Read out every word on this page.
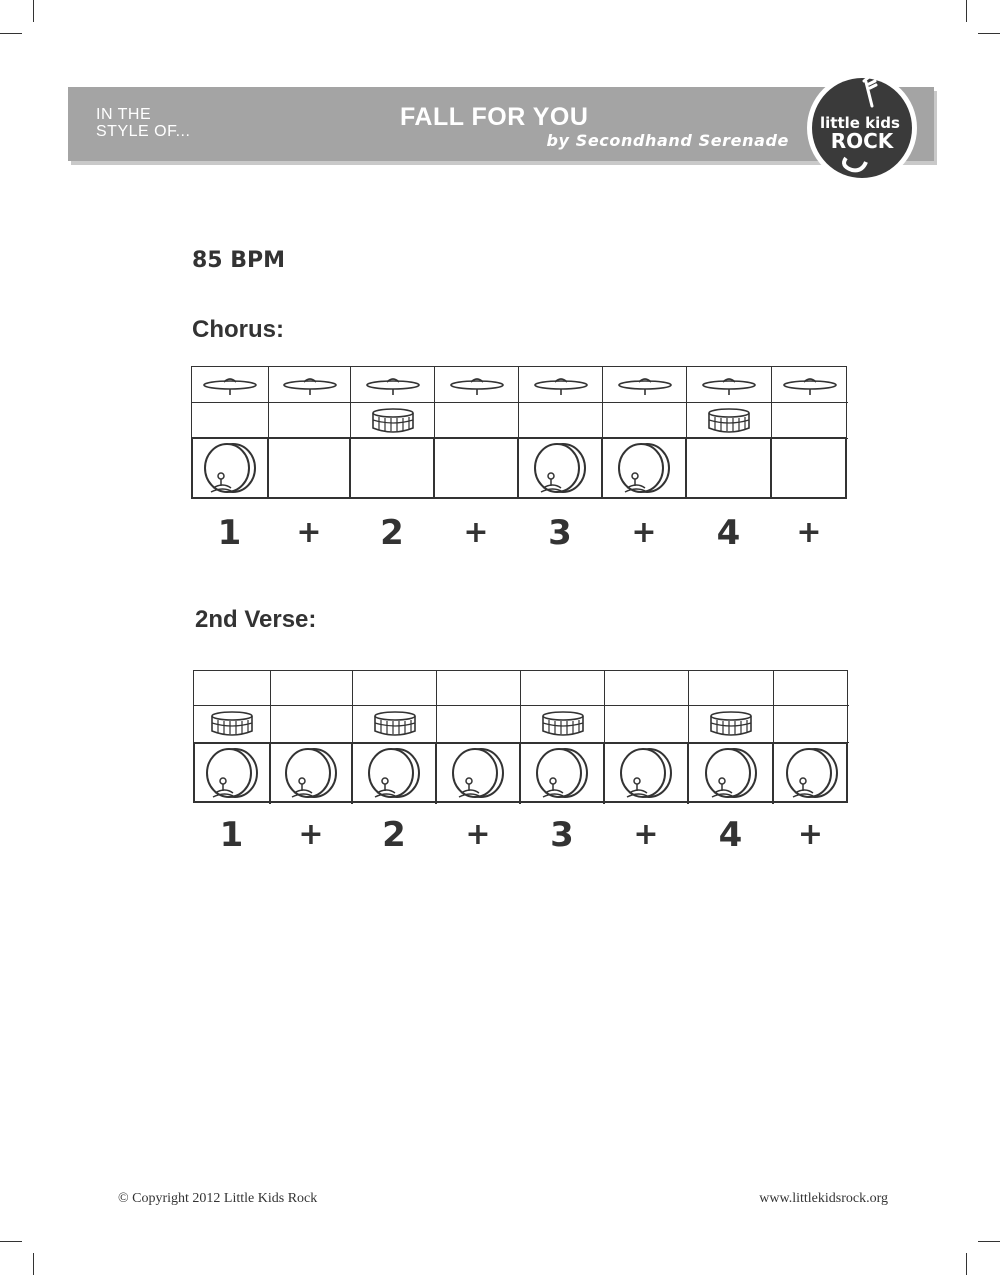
IN THE
STYLE OF...

FALL FOR YOU

by Secondhand Serenade

little kids
ROCK

85 BPM

Chorus:
1	+	2	+	3	+	4	+
2nd Verse:
1	+	2	+	3	+	4	+

© Copyright 2012 Little Kids Rock	www.littlekidsrock.org
